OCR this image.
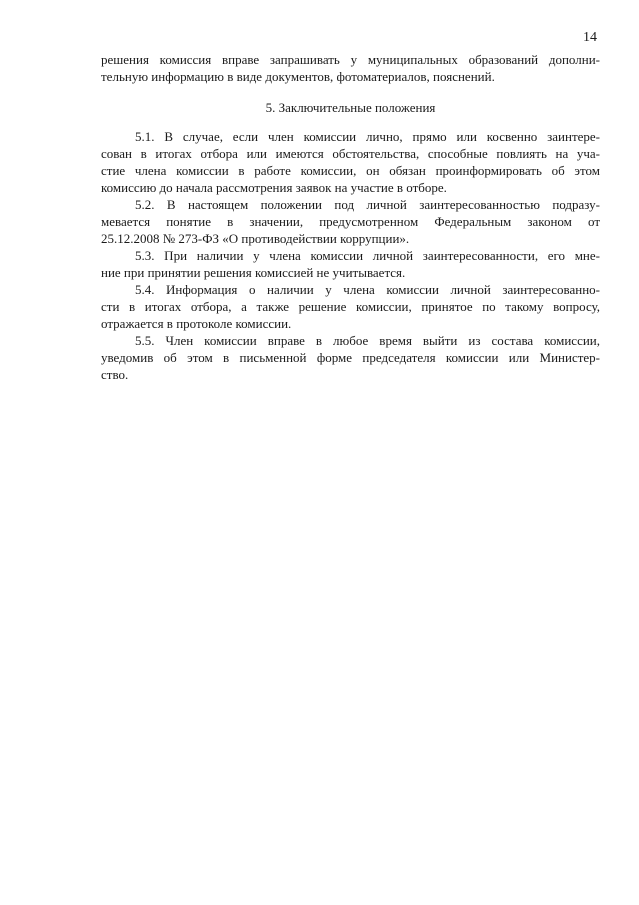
14

решения комиссия вправе запрашивать у муниципальных образований дополни-

тельную информацию в виде документов, фотоматериалов, пояснений.

5. Заключительные положения

5.1. В случае, если член комиссии лично, прямо или косвенно заинтере-

сован в итогах отбора или имеются обстоятельства, способные повлиять на уча-

стие члена комиссии в работе комиссии, он обязан проинформировать об этом

комиссию до начала рассмотрения заявок на участие в отборе.

5.2. В настоящем положении под личной заинтересованностью подразу-

мевается понятие в значении, предусмотренном Федеральным законом от

25.12.2008 № 273-ФЗ «О противодействии коррупции».

5.3. При наличии у члена комиссии личной заинтересованности, его мне-

ние при принятии решения комиссией не учитывается.

5.4. Информация о наличии у члена комиссии личной заинтересованно-

сти в итогах отбора, а также решение комиссии, принятое по такому вопросу,

отражается в протоколе комиссии.

5.5. Член комиссии вправе в любое время выйти из состава комиссии,

уведомив об этом в письменной форме председателя комиссии или Министер-

ство.
